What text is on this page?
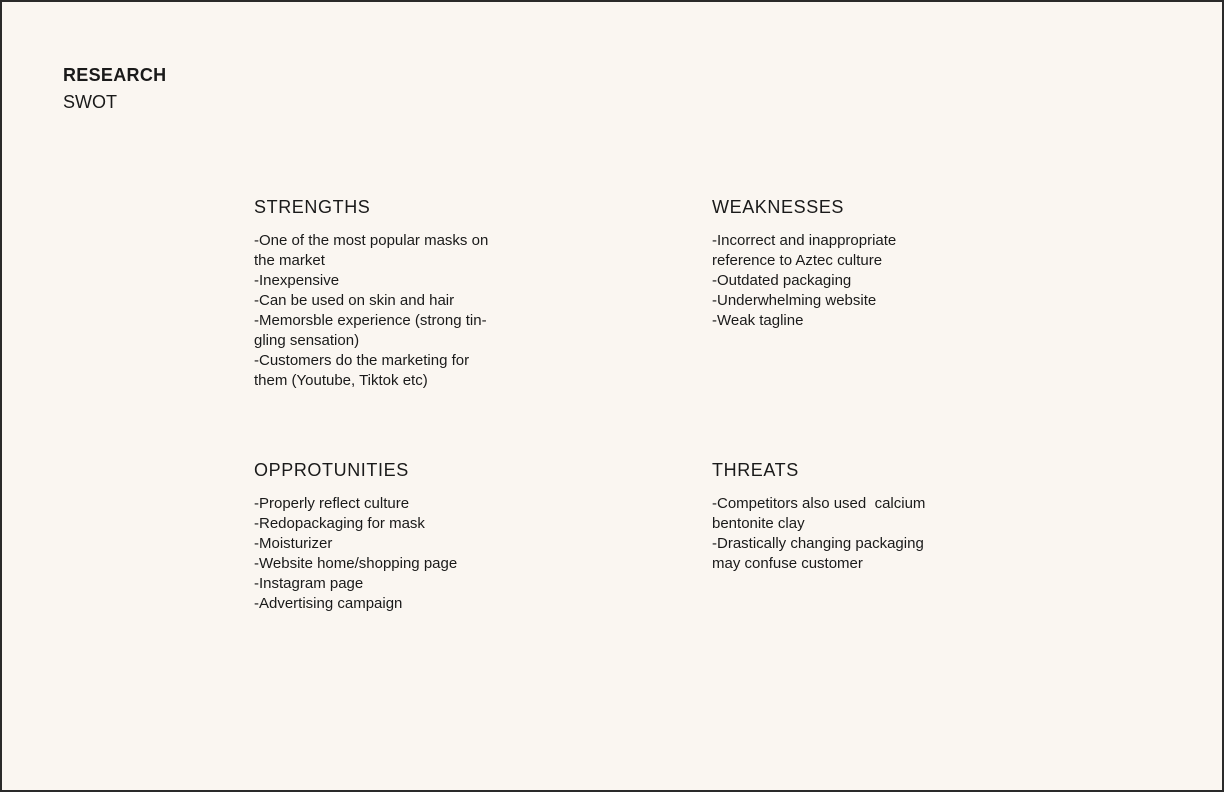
RESEARCH
SWOT
STRENGTHS
-One of the most popular masks on
the market
-Inexpensive
-Can be used on skin and hair
-Memorsble experience (strong tin-
gling sensation)
-Customers do the marketing for
them (Youtube, Tiktok etc)
WEAKNESSES
-Incorrect and inappropriate
reference to Aztec culture
-Outdated packaging
-Underwhelming website
-Weak tagline
OPPROTUNITIES
-Properly reflect culture
-Redopackaging for mask
-Moisturizer
-Website home/shopping page
-Instagram page
-Advertising campaign
THREATS
-Competitors also used  calcium
bentonite clay
-Drastically changing packaging
may confuse customer
